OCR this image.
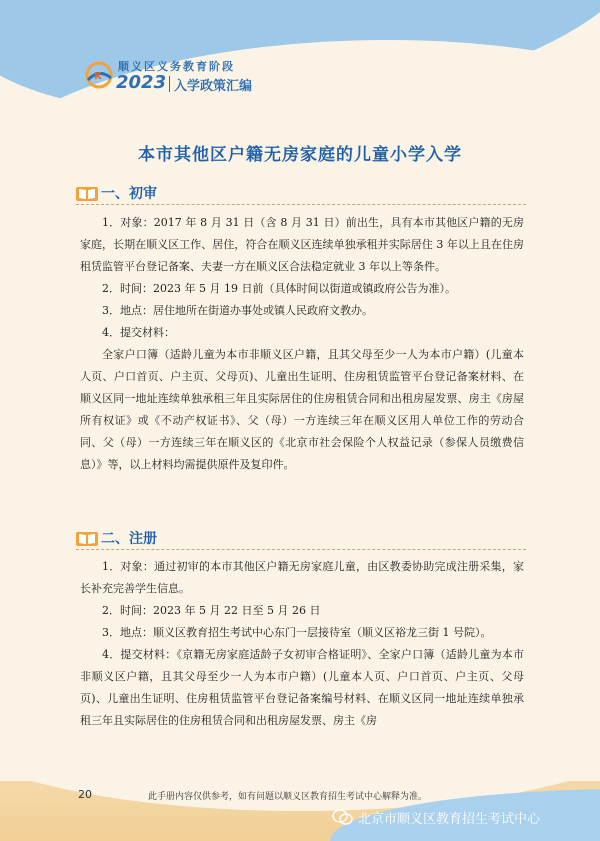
K
顺义区义务教育阶段
2023 入学政策汇编
本市其他区户籍无房家庭的儿童小学入学
一、初审

1．对象：2017 年 8 月 31 日（含 8 月 31 日）前出生，具有本市其他区户籍的无房家庭，长期在顺义区工作、居住，符合在顺义区连续单独承租并实际居住 3 年以上且在住房租赁监管平台登记备案、夫妻一方在顺义区合法稳定就业 3 年以上等条件。

2．时间：2023 年 5 月 19 日前（具体时间以街道或镇政府公告为准）。

3．地点：居住地所在街道办事处或镇人民政府文教办。

4．提交材料：

全家户口簿（适龄儿童为本市非顺义区户籍，且其父母至少一人为本市户籍）(儿童本人页、户口首页、户主页、父母页)、儿童出生证明、住房租赁监管平台登记备案材料、在顺义区同一地址连续单独承租三年且实际居住的住房租赁合同和出租房屋发票、房主《房屋所有权证》或《不动产权证书》、父（母）一方连续三年在顺义区用人单位工作的劳动合同、父（母）一方连续三年在顺义区的《北京市社会保险个人权益记录（参保人员缴费信息）》等，以上材料均需提供原件及复印件。

二、注册

1．对象：通过初审的本市其他区户籍无房家庭儿童，由区教委协助完成注册采集，家长补充完善学生信息。

2．时间：2023 年 5 月 22 日至 5 月 26 日

3．地点：顺义区教育招生考试中心东门一层接待室（顺义区裕龙三街 1 号院）。

4．提交材料：《京籍无房家庭适龄子女初审合格证明》、全家户口簿（适龄儿童为本市非顺义区户籍，且其父母至少一人为本市户籍）(儿童本人页、户口首页、户主页、父母页)、儿童出生证明、住房租赁监管平台登记备案编号材料、在顺义区同一地址连续单独承租三年且实际居住的住房租赁合同和出租房屋发票、房主《房

20	此手册内容仅供参考，如有问题以顺义区教育招生考试中心解释为准。
北京市顺义区教育招生考试中心
